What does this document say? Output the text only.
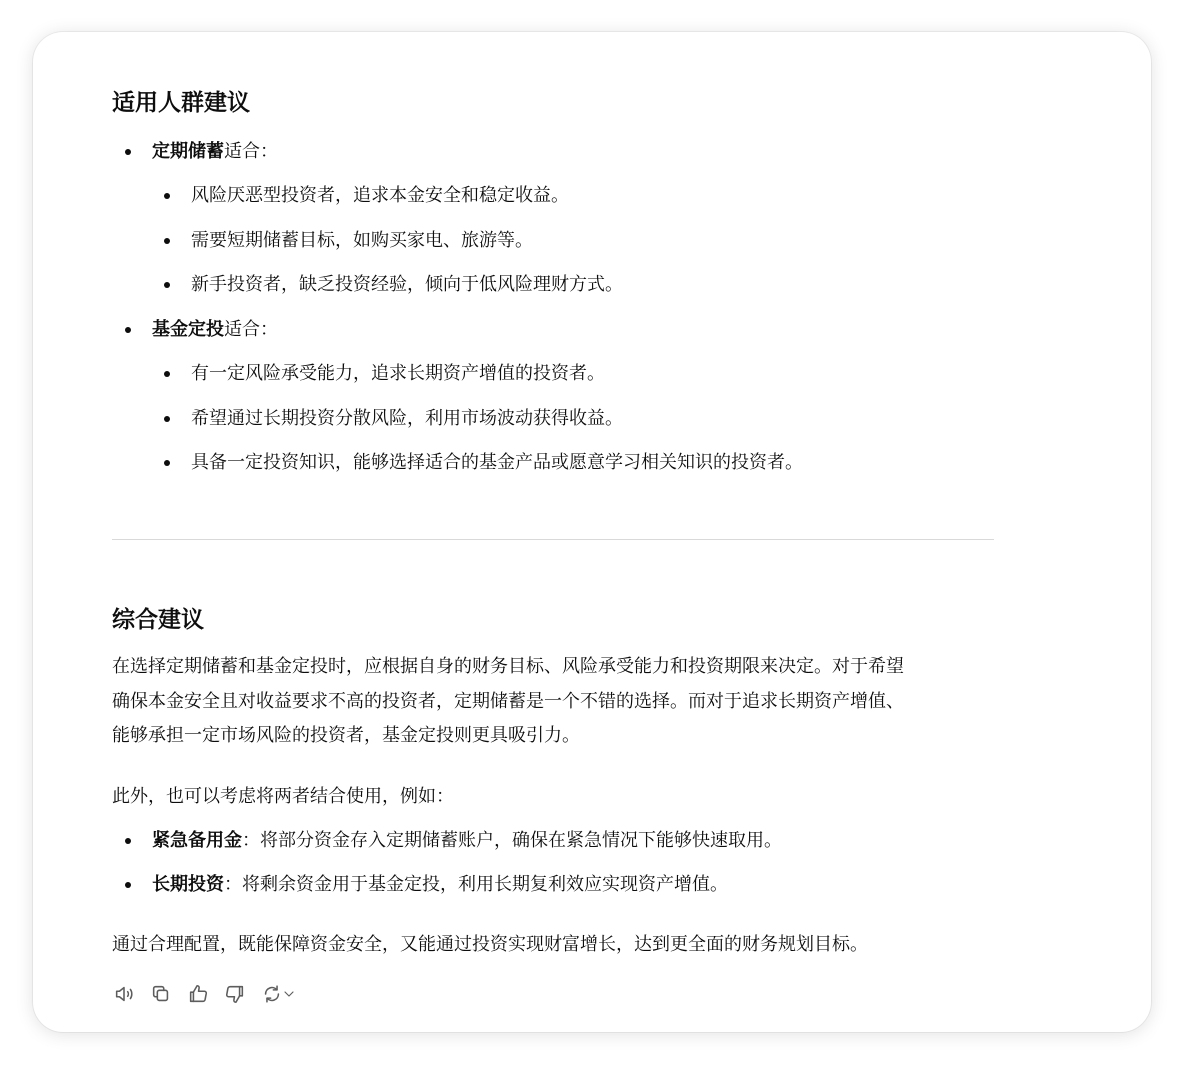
适用人群建议
定期储蓄适合：
风险厌恶型投资者，追求本金安全和稳定收益。
需要短期储蓄目标，如购买家电、旅游等。
新手投资者，缺乏投资经验，倾向于低风险理财方式。
基金定投适合：
有一定风险承受能力，追求长期资产增值的投资者。
希望通过长期投资分散风险，利用市场波动获得收益。
具备一定投资知识，能够选择适合的基金产品或愿意学习相关知识的投资者。
综合建议
在选择定期储蓄和基金定投时，应根据自身的财务目标、风险承受能力和投资期限来决定。对于希望
确保本金安全且对收益要求不高的投资者，定期储蓄是一个不错的选择。而对于追求长期资产增值、
能够承担一定市场风险的投资者，基金定投则更具吸引力。
此外，也可以考虑将两者结合使用，例如：
紧急备用金：将部分资金存入定期储蓄账户，确保在紧急情况下能够快速取用。
长期投资：将剩余资金用于基金定投，利用长期复利效应实现资产增值。
通过合理配置，既能保障资金安全，又能通过投资实现财富增长，达到更全面的财务规划目标。
